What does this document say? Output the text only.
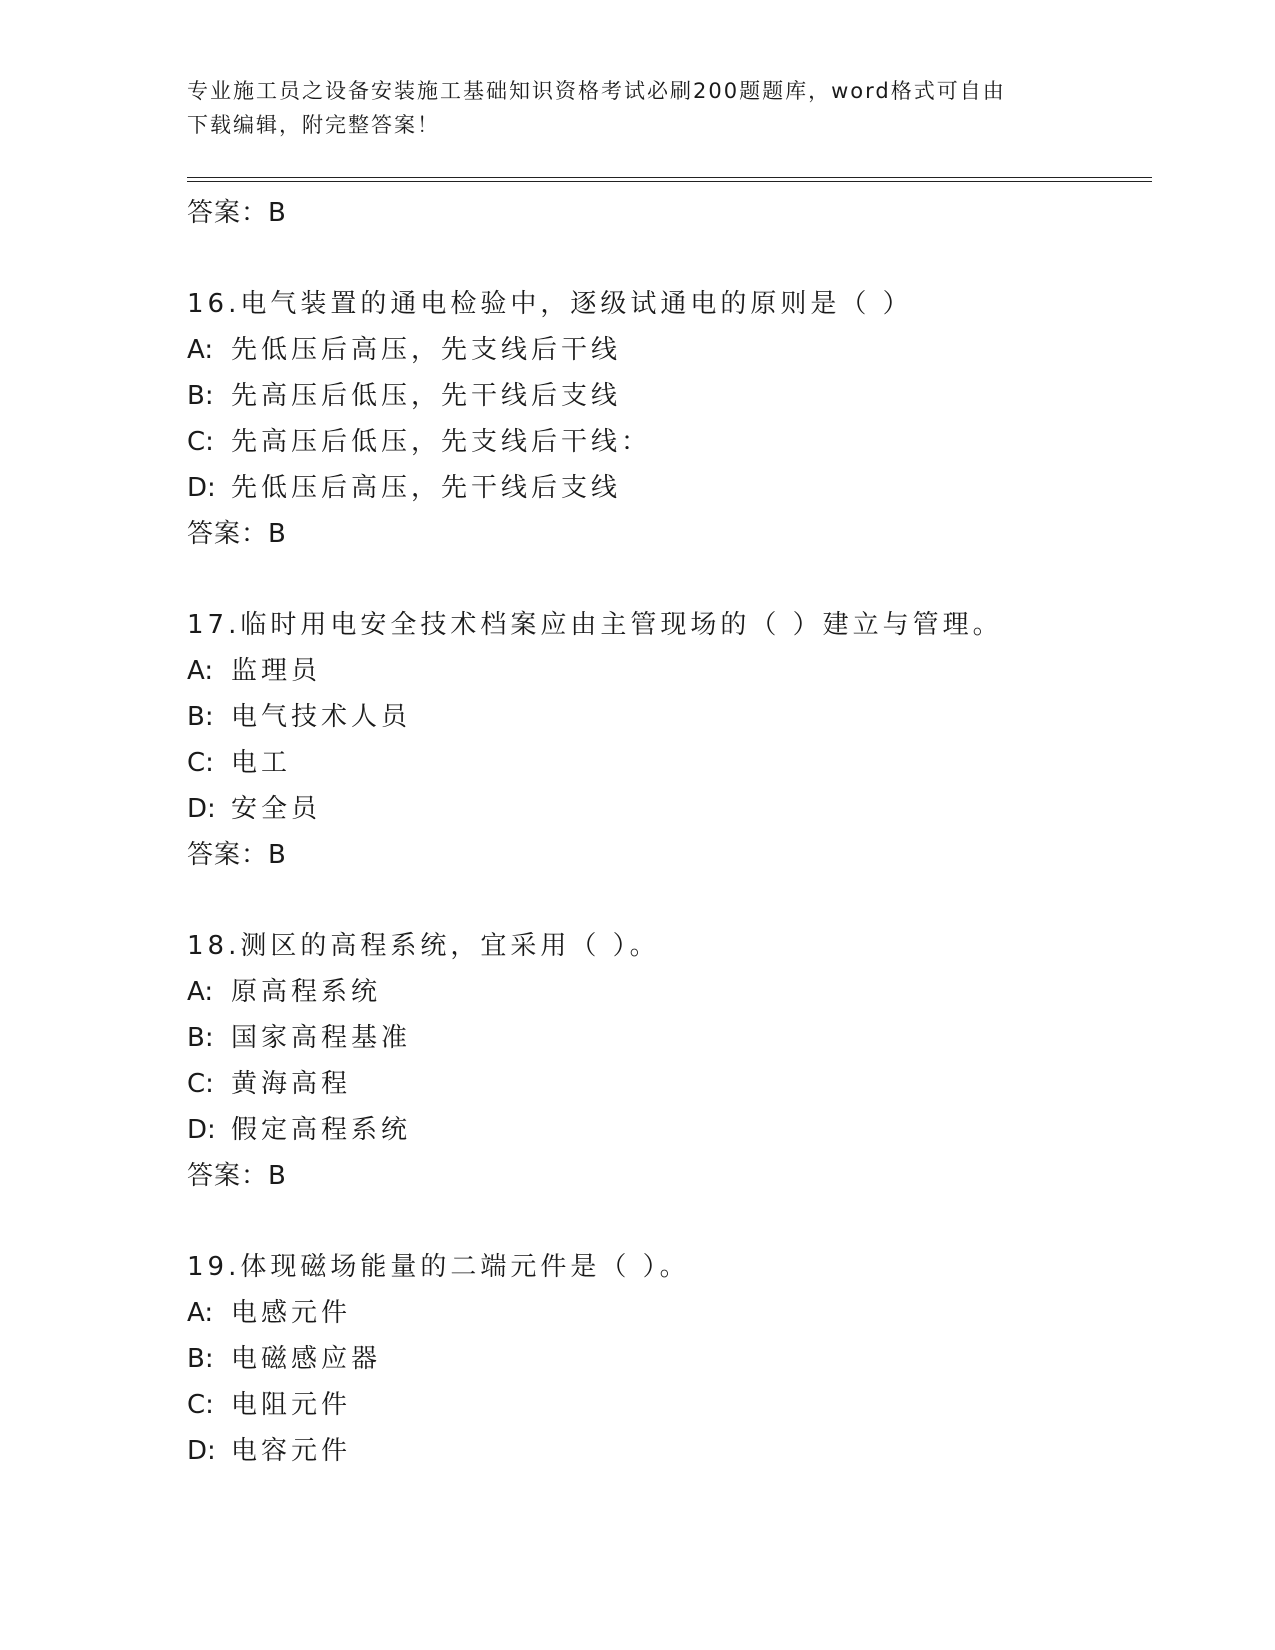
专业施工员之设备安装施工基础知识资格考试必刷200题题库，word格式可自由
下载编辑，附完整答案！
答案：B
16.电气装置的通电检验中，逐级试通电的原则是（ ）
A: 先低压后高压，先支线后干线
B: 先高压后低压，先干线后支线
C: 先高压后低压，先支线后干线：
D: 先低压后高压，先干线后支线
答案：B
17.临时用电安全技术档案应由主管现场的（ ）建立与管理。
A: 监理员
B: 电气技术人员
C: 电工
D: 安全员
答案：B
18.测区的高程系统，宜采用（ ）。
A: 原高程系统
B: 国家高程基准
C: 黄海高程
D: 假定高程系统
答案：B
19.体现磁场能量的二端元件是（ ）。
A: 电感元件
B: 电磁感应器
C: 电阻元件
D: 电容元件
